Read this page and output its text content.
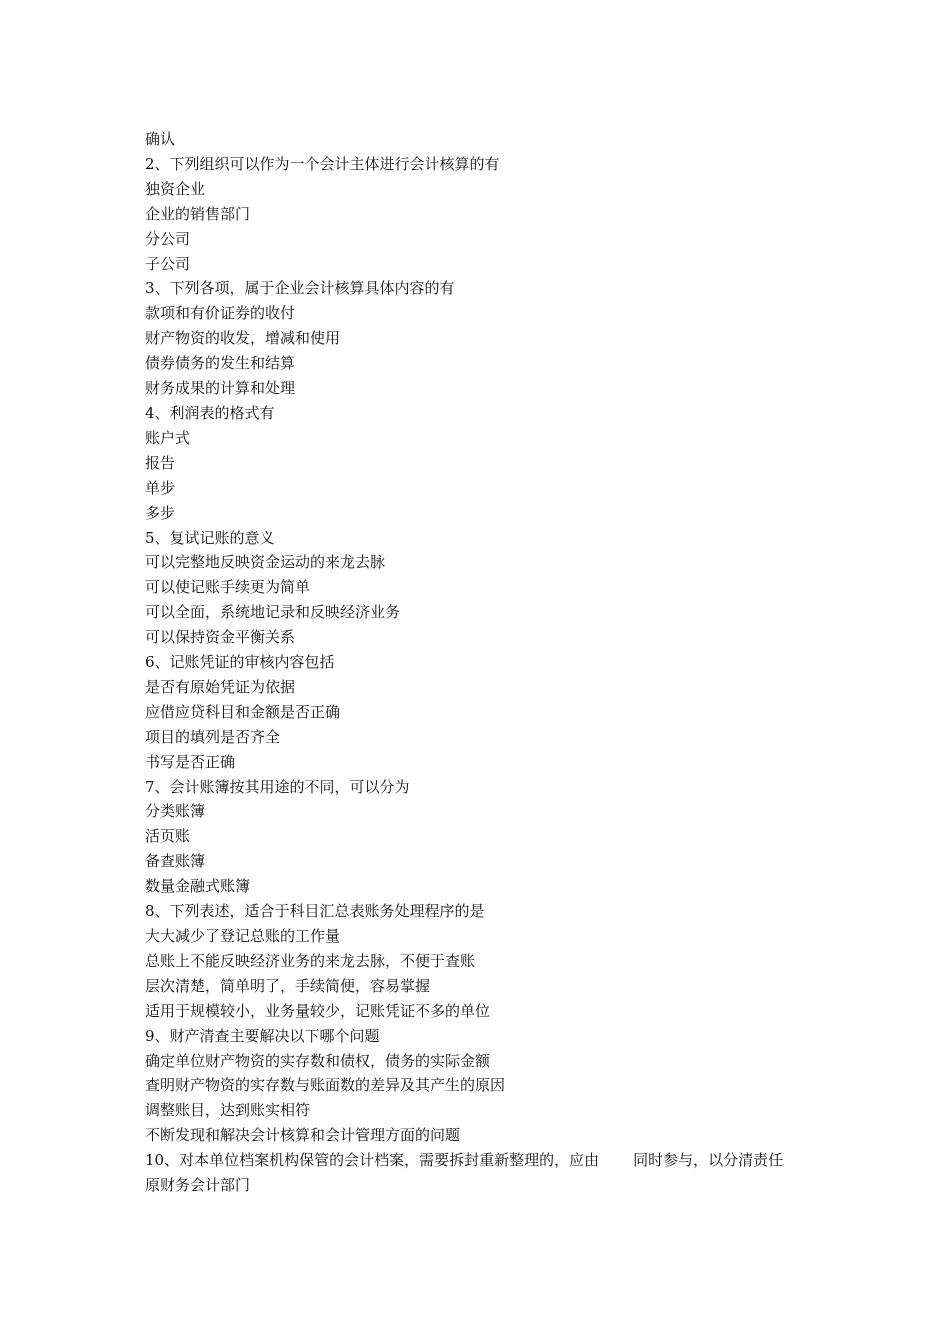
确认
2、下列组织可以作为一个会计主体进行会计核算的有
独资企业
企业的销售部门
分公司
子公司
3、下列各项，属于企业会计核算具体内容的有
款项和有价证券的收付
财产物资的收发，增减和使用
债券债务的发生和结算
财务成果的计算和处理
4、利润表的格式有
账户式
报告
单步
多步
5、复试记账的意义
可以完整地反映资金运动的来龙去脉
可以使记账手续更为简单
可以全面，系统地记录和反映经济业务
可以保持资金平衡关系
6、记账凭证的审核内容包括
是否有原始凭证为依据
应借应贷科目和金额是否正确
项目的填列是否齐全
书写是否正确
7、会计账簿按其用途的不同，可以分为
分类账簿
活页账
备查账簿
数量金融式账簿
8、下列表述，适合于科目汇总表账务处理程序的是
大大减少了登记总账的工作量
总账上不能反映经济业务的来龙去脉，不便于查账
层次清楚，简单明了，手续简便，容易掌握
适用于规模较小，业务量较少，记账凭证不多的单位
9、财产清查主要解决以下哪个问题
确定单位财产物资的实存数和债权，债务的实际金额
查明财产物资的实存数与账面数的差异及其产生的原因
调整账目，达到账实相符
不断发现和解决会计核算和会计管理方面的问题
10、对本单位档案机构保管的会计档案，需要拆封重新整理的，应由 同时参与，以分清责任
原财务会计部门
